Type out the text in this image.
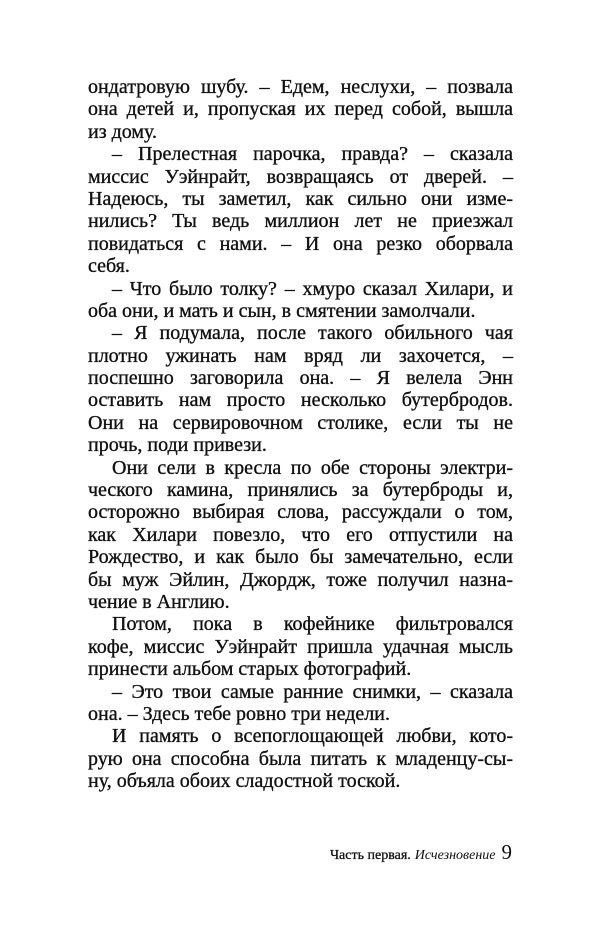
ондатровую шубу. – Едем, неслухи, – позвала
она детей и, пропуская их перед собой, вышла
из дому.
– Прелестная парочка, правда? – сказала
миссис Уэйнрайт, возвращаясь от дверей. –
Надеюсь, ты заметил, как сильно они изме-
нились? Ты ведь миллион лет не приезжал
повидаться с нами. – И она резко оборвала
себя.
– Что было толку? – хмуро сказал Хилари, и
оба они, и мать и сын, в смятении замолчали.
– Я подумала, после такого обильного чая
плотно ужинать нам вряд ли захочется, –
поспешно заговорила она. – Я велела Энн
оставить нам просто несколько бутербродов.
Они на сервировочном столике, если ты не
прочь, поди привези.
Они сели в кресла по обе стороны электри-
ческого камина, принялись за бутерброды и,
осторожно выбирая слова, рассуждали о том,
как Хилари повезло, что его отпустили на
Рождество, и как было бы замечательно, если
бы муж Эйлин, Джордж, тоже получил назна-
чение в Англию.
Потом, пока в кофейнике фильтровался
кофе, миссис Уэйнрайт пришла удачная мысль
принести альбом старых фотографий.
– Это твои самые ранние снимки, – сказала
она. – Здесь тебе ровно три недели.
И память о всепоглощающей любви, кото-
рую она способна была питать к младенцу-сы-
ну, объяла обоих сладостной тоской.
Часть первая. Исчезновение 9
